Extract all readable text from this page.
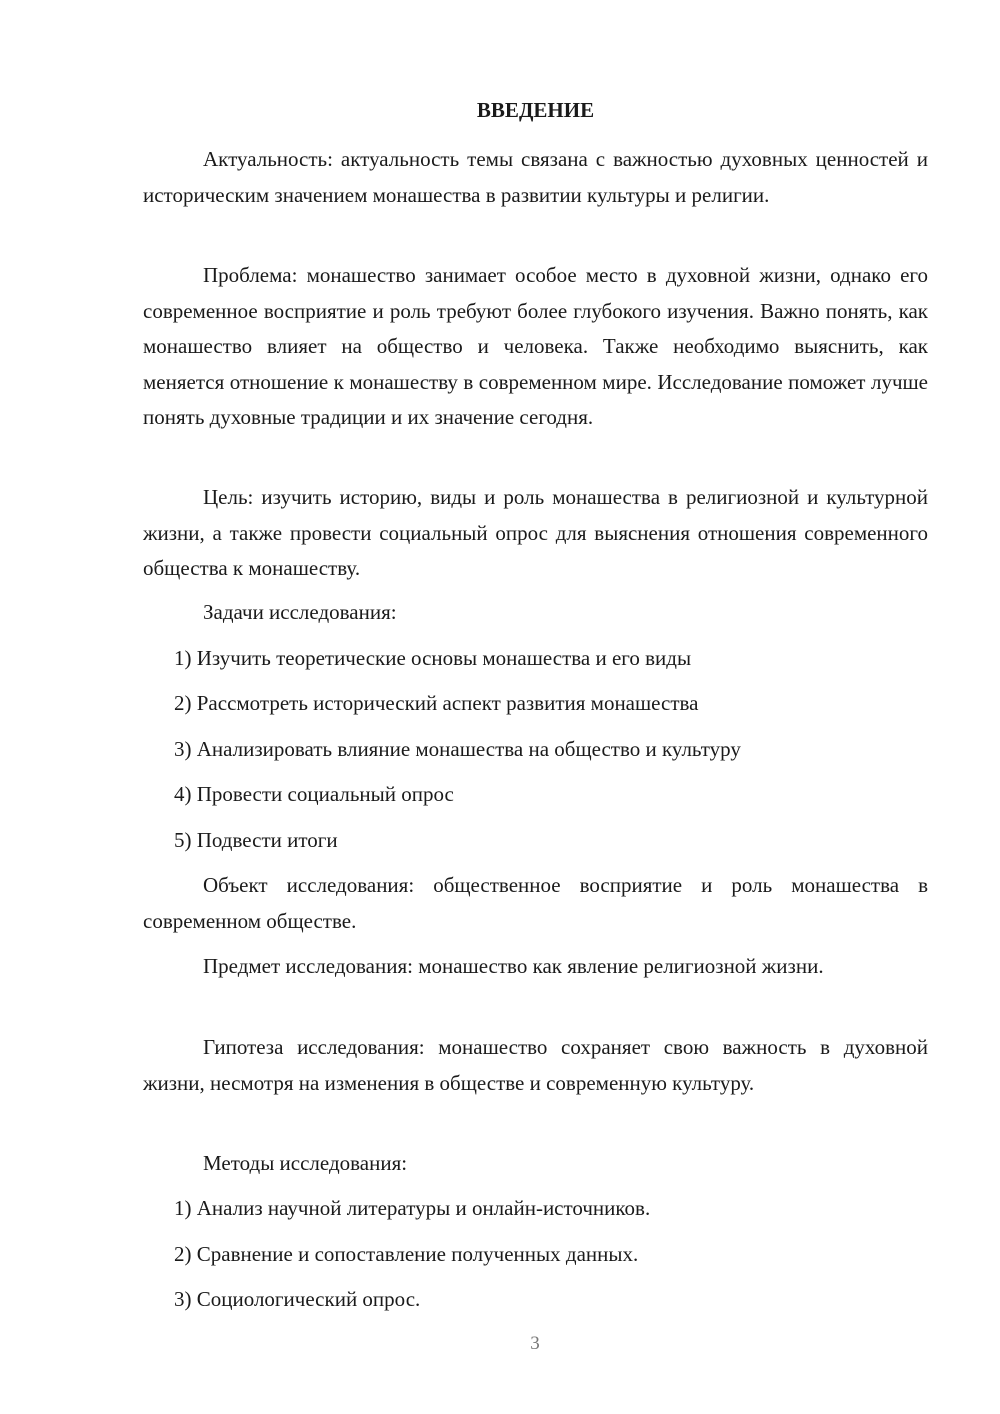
ВВЕДЕНИЕ

Актуальность: актуальность темы связана с важностью духовных ценностей и историческим значением монашества в развитии культуры и религии.

Проблема: монашество занимает особое место в духовной жизни, однако его современное восприятие и роль требуют более глубокого изучения. Важно понять, как монашество влияет на общество и человека. Также необходимо выяснить, как меняется отношение к монашеству в современном мире. Исследование поможет лучше понять духовные традиции и их значение сегодня.

Цель: изучить историю, виды и роль монашества в религиозной и культурной жизни, а также провести социальный опрос для выяснения отношения современного общества к монашеству.

Задачи исследования:

1) Изучить теоретические основы монашества и его виды

2) Рассмотреть исторический аспект развития монашества

3) Анализировать влияние монашества на общество и культуру

4) Провести социальный опрос

5) Подвести итоги

Объект исследования: общественное восприятие и роль монашества в современном обществе.

Предмет исследования: монашество как явление религиозной жизни.

Гипотеза исследования: монашество сохраняет свою важность в духовной жизни, несмотря на изменения в обществе и современную культуру.

Методы исследования:

1) Анализ научной литературы и онлайн-источников.

2) Сравнение и сопоставление полученных данных.

3) Социологический опрос.

3
